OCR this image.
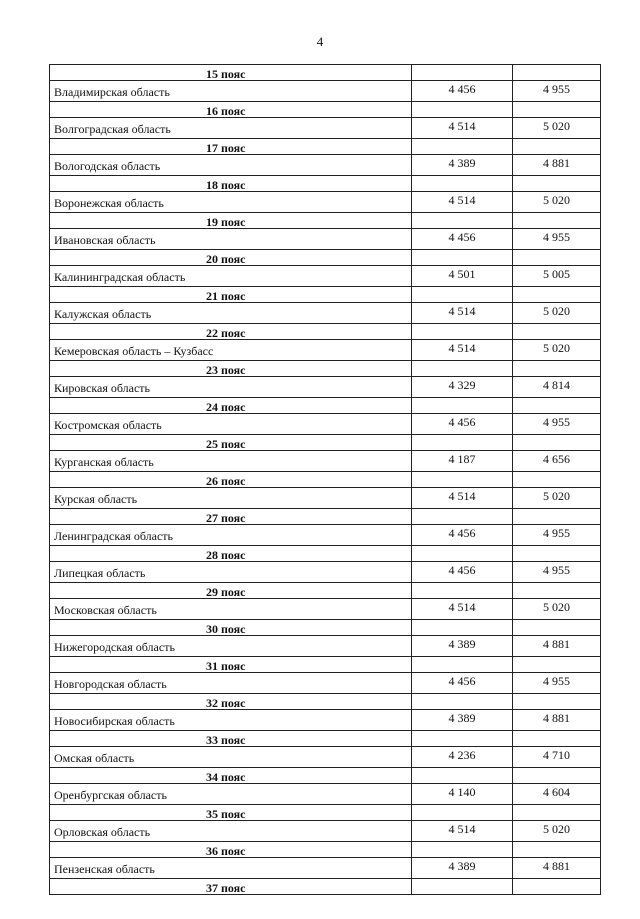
4
15 пояс		
Владимирская область	4 456	4 955
16 пояс		
Волгоградская область	4 514	5 020
17 пояс		
Вологодская область	4 389	4 881
18 пояс		
Воронежская область	4 514	5 020
19 пояс		
Ивановская область	4 456	4 955
20 пояс		
Калининградская область	4 501	5 005
21 пояс		
Калужская область	4 514	5 020
22 пояс		
Кемеровская область – Кузбасс	4 514	5 020
23 пояс		
Кировская область	4 329	4 814
24 пояс		
Костромская область	4 456	4 955
25 пояс		
Курганская область	4 187	4 656
26 пояс		
Курская область	4 514	5 020
27 пояс		
Ленинградская область	4 456	4 955
28 пояс		
Липецкая область	4 456	4 955
29 пояс		
Московская область	4 514	5 020
30 пояс		
Нижегородская область	4 389	4 881
31 пояс		
Новгородская область	4 456	4 955
32 пояс		
Новосибирская область	4 389	4 881
33 пояс		
Омская область	4 236	4 710
34 пояс		
Оренбургская область	4 140	4 604
35 пояс		
Орловская область	4 514	5 020
36 пояс		
Пензенская область	4 389	4 881
37 пояс		
